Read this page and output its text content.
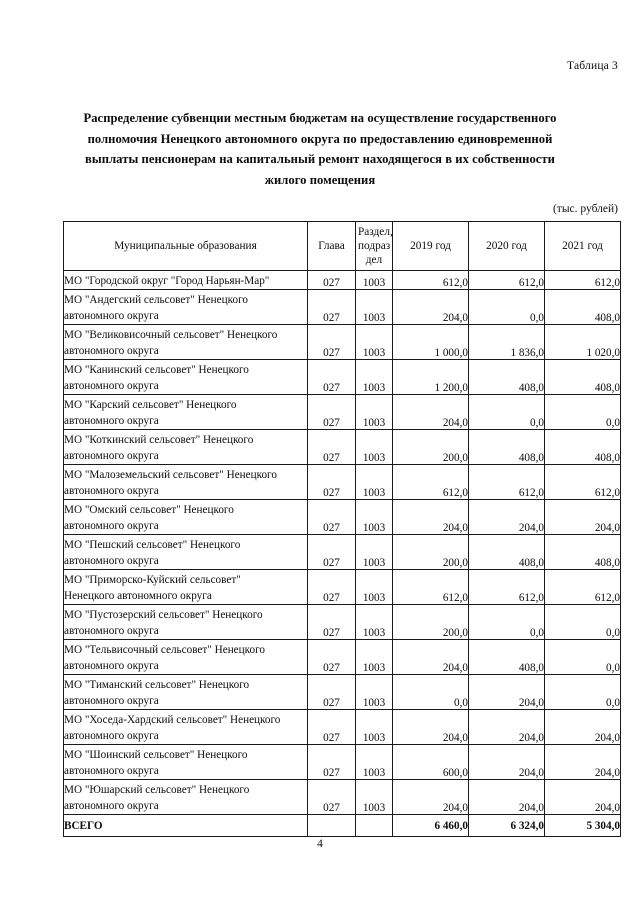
Таблица 3
Распределение субвенции местным бюджетам на осуществление государственного
полномочия Ненецкого автономного округа по предоставлению единовременной
выплаты пенсионерам на капитальный ремонт находящегося в их собственности
жилого помещения
(тыс. рублей)
Муниципальные образования	Глава	Раздел, подраз дел	2019 год	2020 год	2021 год

МО "Городской округ "Город Нарьян-Мар"	027	1003	612,0	612,0	612,0

МО "Андегский сельсовет" Ненецкого
автономного округа	027	1003	204,0	0,0	408,0

МО "Великовисочный сельсовет" Ненецкого
автономного округа	027	1003	1 000,0	1 836,0	1 020,0

МО "Канинский сельсовет" Ненецкого
автономного округа	027	1003	1 200,0	408,0	408,0

МО "Карский сельсовет" Ненецкого
автономного округа	027	1003	204,0	0,0	0,0

МО "Коткинский сельсовет" Ненецкого
автономного округа	027	1003	200,0	408,0	408,0

МО "Малоземельский сельсовет" Ненецкого
автономного округа	027	1003	612,0	612,0	612,0

МО "Омский сельсовет" Ненецкого
автономного округа	027	1003	204,0	204,0	204,0

МО "Пешский сельсовет" Ненецкого
автономного округа	027	1003	200,0	408,0	408,0

МО "Приморско-Куйский сельсовет"
Ненецкого автономного округа	027	1003	612,0	612,0	612,0

МО "Пустозерский сельсовет" Ненецкого
автономного округа	027	1003	200,0	0,0	0,0

МО "Тельвисочный сельсовет" Ненецкого
автономного округа	027	1003	204,0	408,0	0,0

МО "Тиманский сельсовет" Ненецкого
автономного округа	027	1003	0,0	204,0	0,0

МО "Хоседа-Хардский сельсовет" Ненецкого
автономного округа	027	1003	204,0	204,0	204,0

МО "Шоинский сельсовет" Ненецкого
автономного округа	027	1003	600,0	204,0	204,0

МО "Юшарский сельсовет" Ненецкого
автономного округа	027	1003	204,0	204,0	204,0
ВСЕГО			6 460,0	6 324,0	5 304,0
4
